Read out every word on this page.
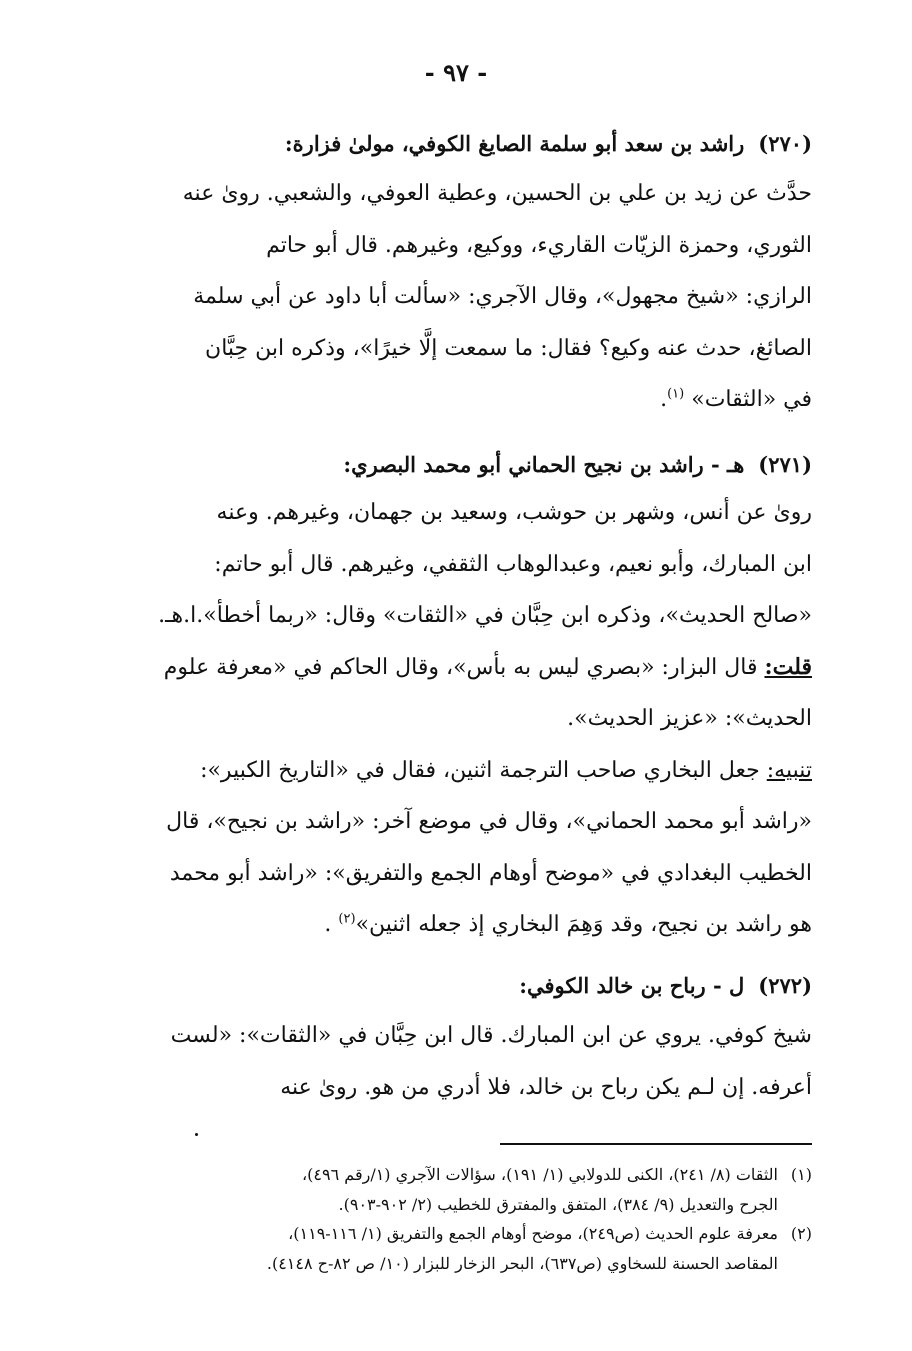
- ٩٧ -
(٢٧٠)راشد بن سعد أبو سلمة الصايغ الكوفي، مولىٰ فزارة:

حدَّث عن زيد بن علي بن الحسين، وعطية العوفي، والشعبي. روىٰ عنه

الثوري، وحمزة الزيّات القاريء، ووكيع، وغيرهم. قال أبو حاتم

الرازي: «شيخ مجهول»، وقال الآجري: «سألت أبا داود عن أبي سلمة

الصائغ، حدث عنه وكيع؟ فقال: ما سمعت إلَّا خيرًا»، وذكره ابن حِبَّان

في «الثقات» $^{(١)}$.

(٢٧١)هـ - راشد بن نجيح الحماني أبو محمد البصري:

روىٰ عن أنس، وشهر بن حوشب، وسعيد بن جهمان، وغيرهم. وعنه

ابن المبارك، وأبو نعيم، وعبدالوهاب الثقفي، وغيرهم. قال أبو حاتم:

«صالح الحديث»، وذكره ابن حِبَّان في «الثقات» وقال: «ربما أخطأ».ا.هـ.

قلت: قال البزار: «بصري ليس به بأس»، وقال الحاكم في «معرفة علوم

الحديث»: «عزيز الحديث».

تنبيه: جعل البخاري صاحب الترجمة اثنين، فقال في «التاريخ الكبير»:

«راشد أبو محمد الحماني»، وقال في موضع آخر: «راشد بن نجيح»، قال

الخطيب البغدادي في «موضح أوهام الجمع والتفريق»: «راشد أبو محمد

هو راشد بن نجيح، وقد وَهِمَ البخاري إذ جعله اثنين»$^{(٢)}$ .

(٢٧٢)ل - رباح بن خالد الكوفي:

شيخ كوفي. يروي عن ابن المبارك. قال ابن حِبَّان في «الثقات»: «لست

أعرفه. إن لـم يكن رباح بن خالد، فلا أدري من هو. روىٰ عنه

(١)
الثقات (٨/ ٢٤١)، الكنى للدولابي (١/ ١٩١)، سؤالات الآجري (١/رقم ٤٩٦)،
الجرح والتعديل (٩/ ٣٨٤)، المتفق والمفترق للخطيب (٢/ ٩٠٢-٩٠٣).
(٢)
معرفة علوم الحديث (ص٢٤٩)، موضح أوهام الجمع والتفريق (١/ ١١٦-١١٩)،
المقاصد الحسنة للسخاوي (ص٦٣٧)، البحر الزخار للبزار (١٠/ ص ٨٢-ح ٤١٤٨).
